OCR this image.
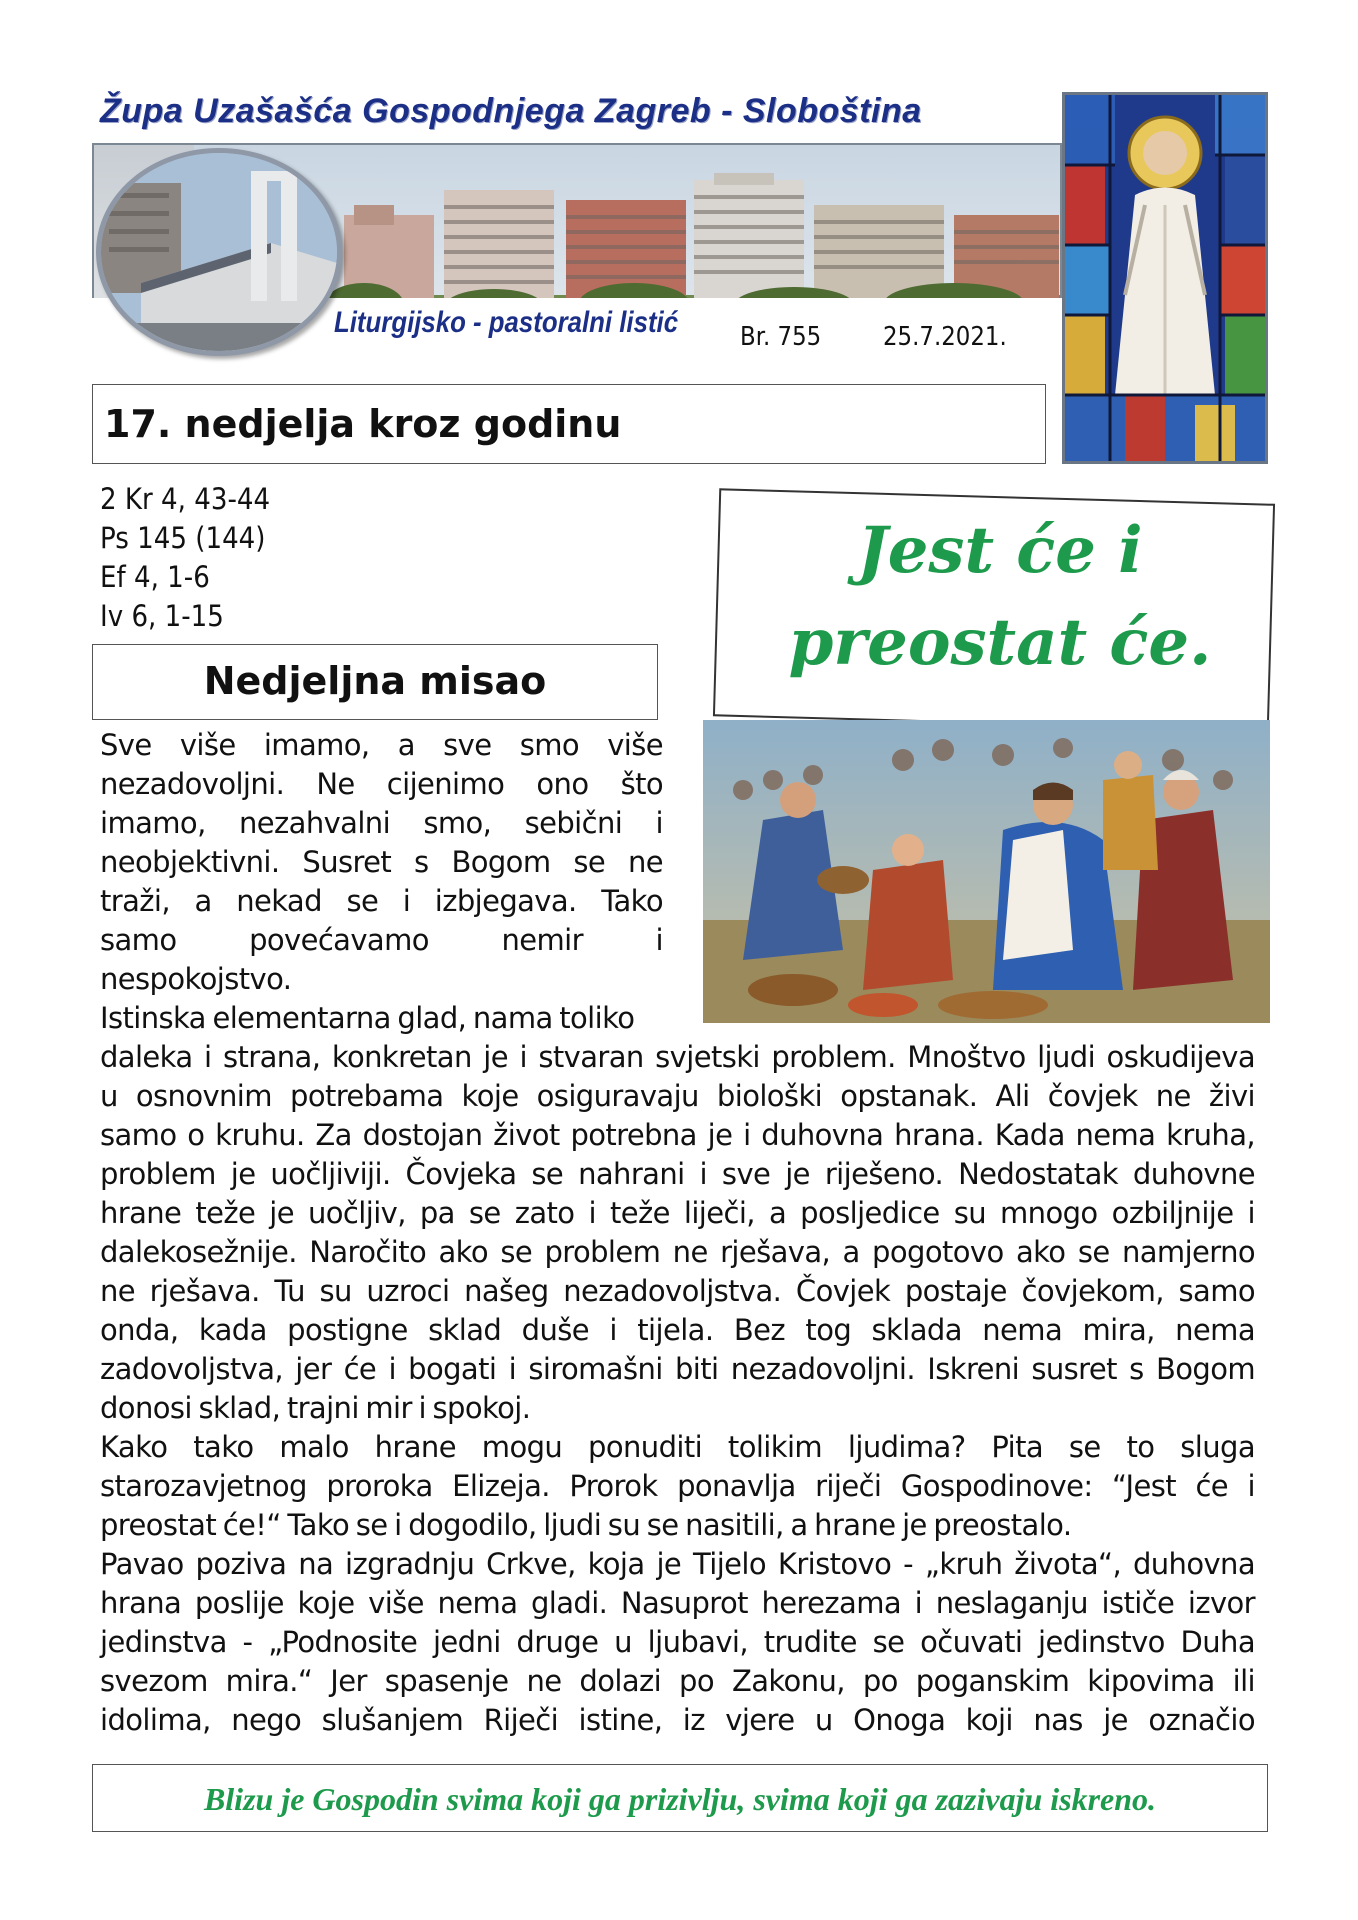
Župa Uzašašća Gospodnjega Zagreb - Sloboština
Liturgijsko - pastoralni listić Br. 755 25.7.2021.
17. nedjelja kroz godinu
2 Kr 4, 43-44
Ps 145 (144)
Ef 4, 1-6
Iv 6, 1-15
Jest će i
preostat će.
Nedjeljna misao
Sve više imamo, a sve smo više
nezadovoljni. Ne cijenimo ono što
imamo, nezahvalni smo, sebični i
neobjektivni. Susret s Bogom se ne
traži, a nekad se i izbjegava. Tako
samo povećavamo nemir i
nespokojstvo.
Istinska elementarna glad, nama toliko
daleka i strana, konkretan je i stvaran svjetski problem. Mnoštvo ljudi oskudijeva
u osnovnim potrebama koje osiguravaju biološki opstanak. Ali čovjek ne živi
samo o kruhu. Za dostojan život potrebna je i duhovna hrana. Kada nema kruha,
problem je uočljiviji. Čovjeka se nahrani i sve je riješeno. Nedostatak duhovne
hrane teže je uočljiv, pa se zato i teže liječi, a posljedice su mnogo ozbiljnije i
dalekosežnije. Naročito ako se problem ne rješava, a pogotovo ako se namjerno
ne rješava. Tu su uzroci našeg nezadovoljstva. Čovjek postaje čovjekom, samo
onda, kada postigne sklad duše i tijela. Bez tog sklada nema mira, nema
zadovoljstva, jer će i bogati i siromašni biti nezadovoljni. Iskreni susret s Bogom
donosi sklad, trajni mir i spokoj.
Kako tako malo hrane mogu ponuditi tolikim ljudima? Pita se to sluga
starozavjetnog proroka Elizeja. Prorok ponavlja riječi Gospodinove: “Jest će i
preostat će!“ Tako se i dogodilo, ljudi su se nasitili, a hrane je preostalo.
Pavao poziva na izgradnju Crkve, koja je Tijelo Kristovo - „kruh života“, duhovna
hrana poslije koje više nema gladi. Nasuprot herezama i neslaganju ističe izvor
jedinstva - „Podnosite jedni druge u ljubavi, trudite se očuvati jedinstvo Duha
svezom mira.“ Jer spasenje ne dolazi po Zakonu, po poganskim kipovima ili
idolima, nego slušanjem Riječi istine, iz vjere u Onoga koji nas je označio
Blizu je Gospodin svima koji ga prizivlju, svima koji ga zazivaju iskreno.
